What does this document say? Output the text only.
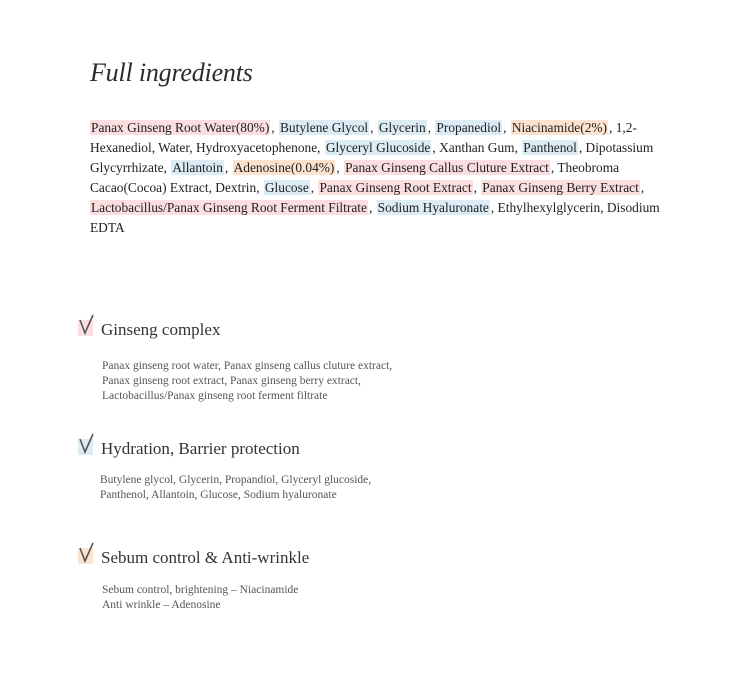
Full ingredients

Panax Ginseng Root Water(80%) , Butylene Glycol , Glycerin , Propanediol , Niacinamide(2%) , 1,2-Hexanediol, Water, Hydroxyacetophenone, Glyceryl Glucoside , Xanthan Gum, Panthenol , Dipotassium Glycyrrhizate, Allantoin , Adenosine(0.04%) , Panax Ginseng Callus Cluture Extract , Theobroma Cacao(Cocoa) Extract, Dextrin, Glucose , Panax Ginseng Root Extract , Panax Ginseng Berry Extract , Lactobacillus/Panax Ginseng Root Ferment Filtrate , Sodium Hyaluronate , Ethylhexylglycerin, Disodium EDTA

Ginseng complex
Panax ginseng root water, Panax ginseng callus cluture extract,
Panax ginseng root extract, Panax ginseng berry extract,
Lactobacillus/Panax ginseng root ferment filtrate
Hydration, Barrier protection
Butylene glycol, Glycerin, Propandiol, Glyceryl glucoside,
Panthenol, Allantoin, Glucose, Sodium hyaluronate
Sebum control & Anti-wrinkle
Sebum control, brightening – Niacinamide
Anti wrinkle – Adenosine
